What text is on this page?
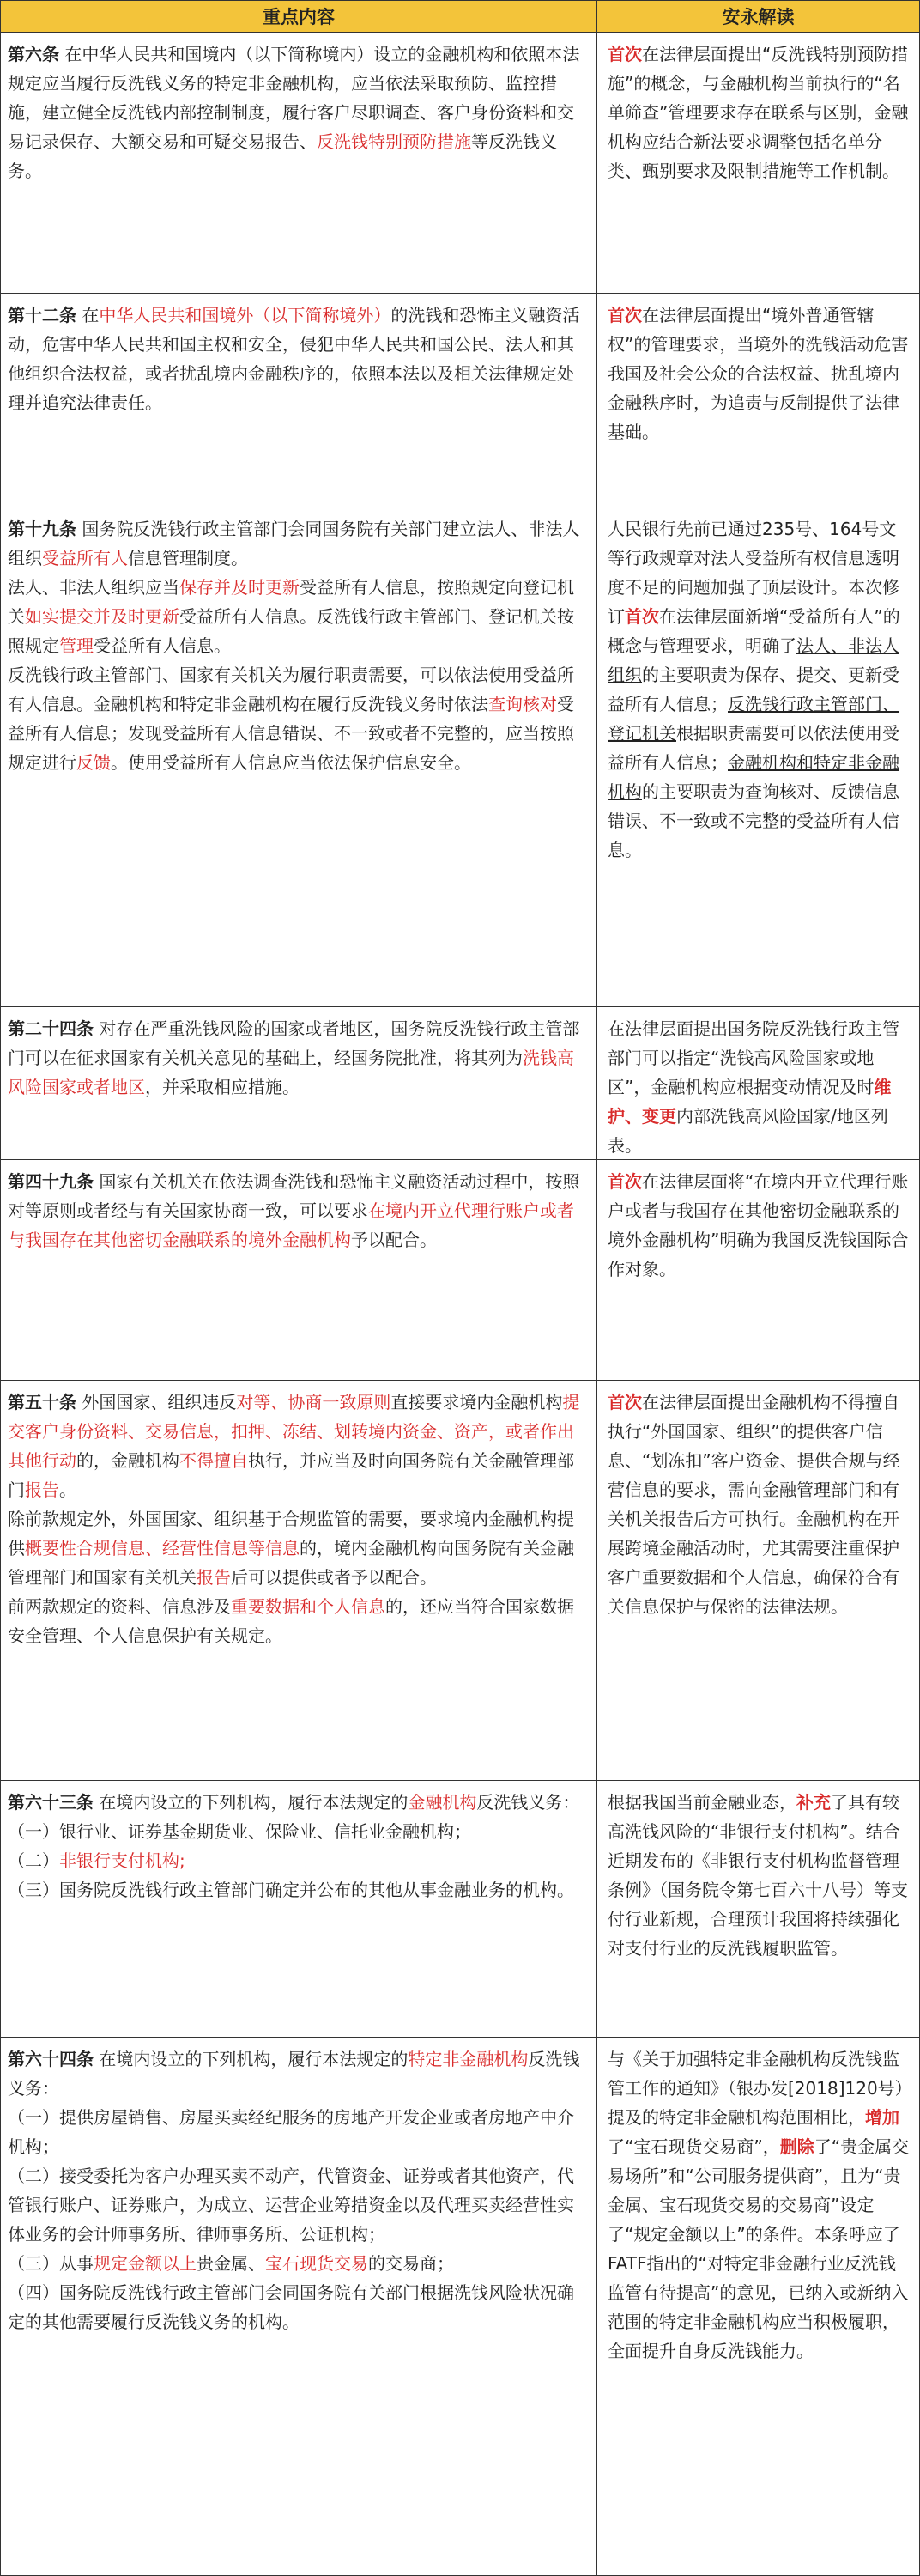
重点内容	安永解读

第六条 在中华人民共和国境内（以下简称境内）设立的金融机构和依照本法规定应当履行反洗钱义务的特定非金融机构，应当依法采取预防、监控措施，建立健全反洗钱内部控制制度，履行客户尽职调查、客户身份资料和交易记录保存、大额交易和可疑交易报告、反洗钱特别预防措施等反洗钱义务。

首次在法律层面提出“反洗钱特别预防措施”的概念，与金融机构当前执行的“名单筛查”管理要求存在联系与区别，金融机构应结合新法要求调整包括名单分类、甄别要求及限制措施等工作机制。

第十二条 在中华人民共和国境外（以下简称境外）的洗钱和恐怖主义融资活动，危害中华人民共和国主权和安全，侵犯中华人民共和国公民、法人和其他组织合法权益，或者扰乱境内金融秩序的，依照本法以及相关法律规定处理并追究法律责任。

首次在法律层面提出“境外普通管辖权”的管理要求，当境外的洗钱活动危害我国及社会公众的合法权益、扰乱境内金融秩序时，为追责与反制提供了法律基础。

第十九条 国务院反洗钱行政主管部门会同国务院有关部门建立法人、非法人组织受益所有人信息管理制度。

法人、非法人组织应当保存并及时更新受益所有人信息，按照规定向登记机关如实提交并及时更新受益所有人信息。反洗钱行政主管部门、登记机关按照规定管理受益所有人信息。

反洗钱行政主管部门、国家有关机关为履行职责需要，可以依法使用受益所有人信息。金融机构和特定非金融机构在履行反洗钱义务时依法查询核对受益所有人信息；发现受益所有人信息错误、不一致或者不完整的，应当按照规定进行反馈。使用受益所有人信息应当依法保护信息安全。

人民银行先前已通过235号、164号文等行政规章对法人受益所有权信息透明度不足的问题加强了顶层设计。本次修订首次在法律层面新增“受益所有人”的概念与管理要求，明确了法人、非法人组织的主要职责为保存、提交、更新受益所有人信息；反洗钱行政主管部门、登记机关根据职责需要可以依法使用受益所有人信息；金融机构和特定非金融机构的主要职责为查询核对、反馈信息错误、不一致或不完整的受益所有人信息。

第二十四条 对存在严重洗钱风险的国家或者地区，国务院反洗钱行政主管部门可以在征求国家有关机关意见的基础上，经国务院批准，将其列为洗钱高风险国家或者地区，并采取相应措施。

在法律层面提出国务院反洗钱行政主管部门可以指定“洗钱高风险国家或地区”，金融机构应根据变动情况及时维护、变更内部洗钱高风险国家/地区列表。

第四十九条 国家有关机关在依法调查洗钱和恐怖主义融资活动过程中，按照对等原则或者经与有关国家协商一致，可以要求在境内开立代理行账户或者与我国存在其他密切金融联系的境外金融机构予以配合。

首次在法律层面将“在境内开立代理行账户或者与我国存在其他密切金融联系的境外金融机构”明确为我国反洗钱国际合作对象。

第五十条 外国国家、组织违反对等、协商一致原则直接要求境内金融机构提交客户身份资料、交易信息，扣押、冻结、划转境内资金、资产，或者作出其他行动的，金融机构不得擅自执行，并应当及时向国务院有关金融管理部门报告。

除前款规定外，外国国家、组织基于合规监管的需要，要求境内金融机构提供概要性合规信息、经营性信息等信息的，境内金融机构向国务院有关金融管理部门和国家有关机关报告后可以提供或者予以配合。

前两款规定的资料、信息涉及重要数据和个人信息的，还应当符合国家数据安全管理、个人信息保护有关规定。

首次在法律层面提出金融机构不得擅自执行“外国国家、组织”的提供客户信息、“划冻扣”客户资金、提供合规与经营信息的要求，需向金融管理部门和有关机关报告后方可执行。金融机构在开展跨境金融活动时，尤其需要注重保护客户重要数据和个人信息，确保符合有关信息保护与保密的法律法规。

第六十三条 在境内设立的下列机构，履行本法规定的金融机构反洗钱义务：

（一）银行业、证券基金期货业、保险业、信托业金融机构；

（二）非银行支付机构;

（三）国务院反洗钱行政主管部门确定并公布的其他从事金融业务的机构。

根据我国当前金融业态，补充了具有较高洗钱风险的“非银行支付机构”。结合近期发布的《非银行支付机构监督管理条例》（国务院令第七百六十八号）等支付行业新规，合理预计我国将持续强化对支付行业的反洗钱履职监管。

第六十四条 在境内设立的下列机构，履行本法规定的特定非金融机构反洗钱义务：

（一）提供房屋销售、房屋买卖经纪服务的房地产开发企业或者房地产中介机构；

（二）接受委托为客户办理买卖不动产，代管资金、证券或者其他资产，代管银行账户、证券账户，为成立、运营企业筹措资金以及代理买卖经营性实体业务的会计师事务所、律师事务所、公证机构；

（三）从事规定金额以上贵金属、宝石现货交易的交易商；

（四）国务院反洗钱行政主管部门会同国务院有关部门根据洗钱风险状况确定的其他需要履行反洗钱义务的机构。

与《关于加强特定非金融机构反洗钱监管工作的通知》（银办发[2018]120号）提及的特定非金融机构范围相比，增加了“宝石现货交易商”，删除了“贵金属交易场所”和“公司服务提供商”，且为“贵金属、宝石现货交易的交易商”设定了“规定金额以上”的条件。本条呼应了FATF指出的“对特定非金融行业反洗钱监管有待提高”的意见，已纳入或新纳入范围的特定非金融机构应当积极履职，全面提升自身反洗钱能力。
